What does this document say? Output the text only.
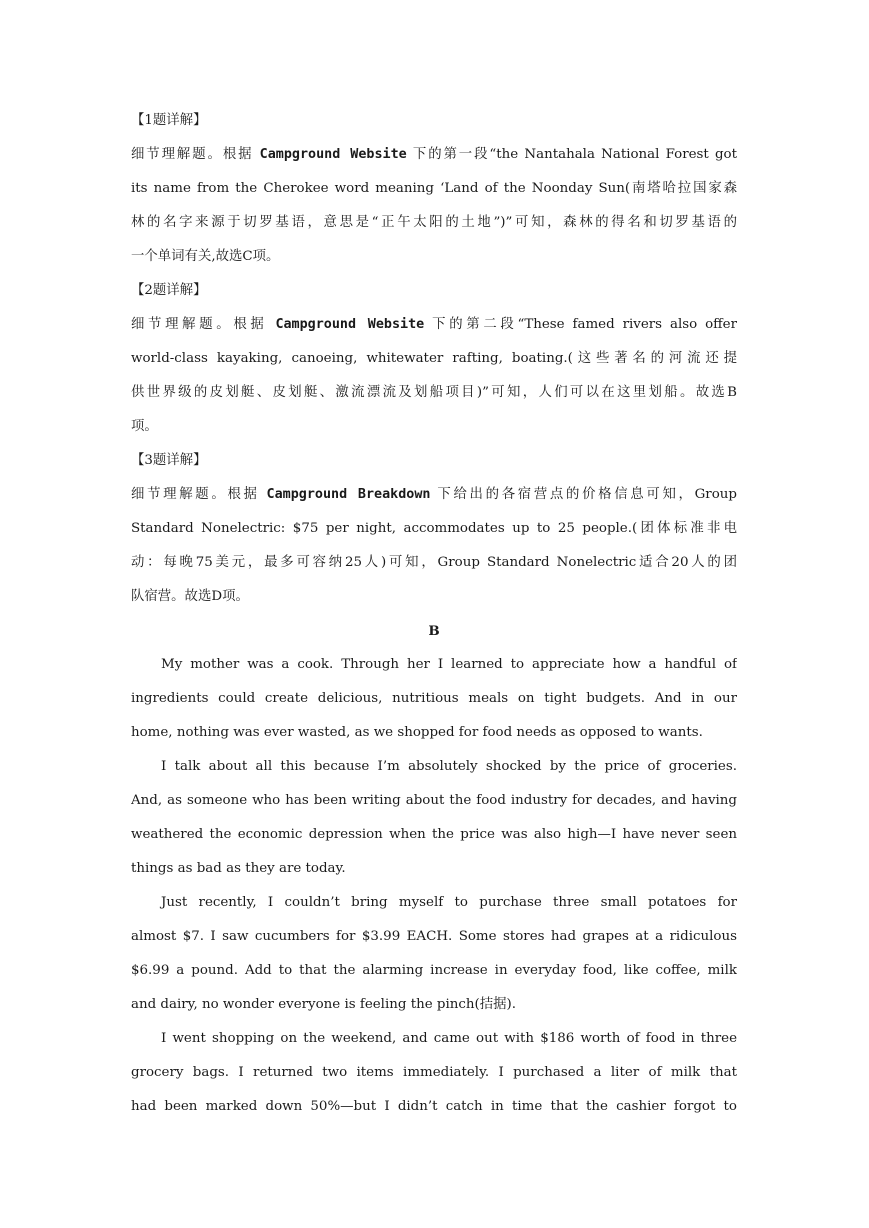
【1题详解】
细节理解题。根据 Campground Website 下的第一段“the Nantahala National Forest got
its name from the Cherokee word meaning ‘Land of the Noonday Sun(南塔哈拉国家森
林的名字来源于切罗基语，意思是“正午太阳的土地”)”可知，森林的得名和切罗基语的
一个单词有关,故选C项。
【2题详解】
细节理解题。根据 Campground Website 下的第二段“These famed rivers also offer
world-class kayaking, canoeing, whitewater rafting, boating.(这些著名的河流还提
供世界级的皮划艇、皮划艇、激流漂流及划船项目)”可知，人们可以在这里划船。故选B
项。
【3题详解】
细节理解题。根据 Campground Breakdown 下给出的各宿营点的价格信息可知，Group
Standard Nonelectric: $75 per night, accommodates up to 25 people.(团体标准非电
动：每晚75美元，最多可容纳25人)可知，Group Standard Nonelectric适合20人的团
队宿营。故选D项。
B
My mother was a cook. Through her I learned to appreciate how a handful of
ingredients could create delicious, nutritious meals on tight budgets. And in our
home, nothing was ever wasted, as we shopped for food needs as opposed to wants.
I talk about all this because I’m absolutely shocked by the price of groceries.
And, as someone who has been writing about the food industry for decades, and having
weathered the economic depression when the price was also high—I have never seen
things as bad as they are today.
Just recently, I couldn’t bring myself to purchase three small potatoes for
almost $7. I saw cucumbers for $3.99 EACH. Some stores had grapes at a ridiculous
$6.99 a pound. Add to that the alarming increase in everyday food, like coffee, milk
and dairy, no wonder everyone is feeling the pinch(拮据).
I went shopping on the weekend, and came out with $186 worth of food in three
grocery bags. I returned two items immediately. I purchased a liter of milk that
had been marked down 50%—but I didn’t catch in time that the cashier forgot to
